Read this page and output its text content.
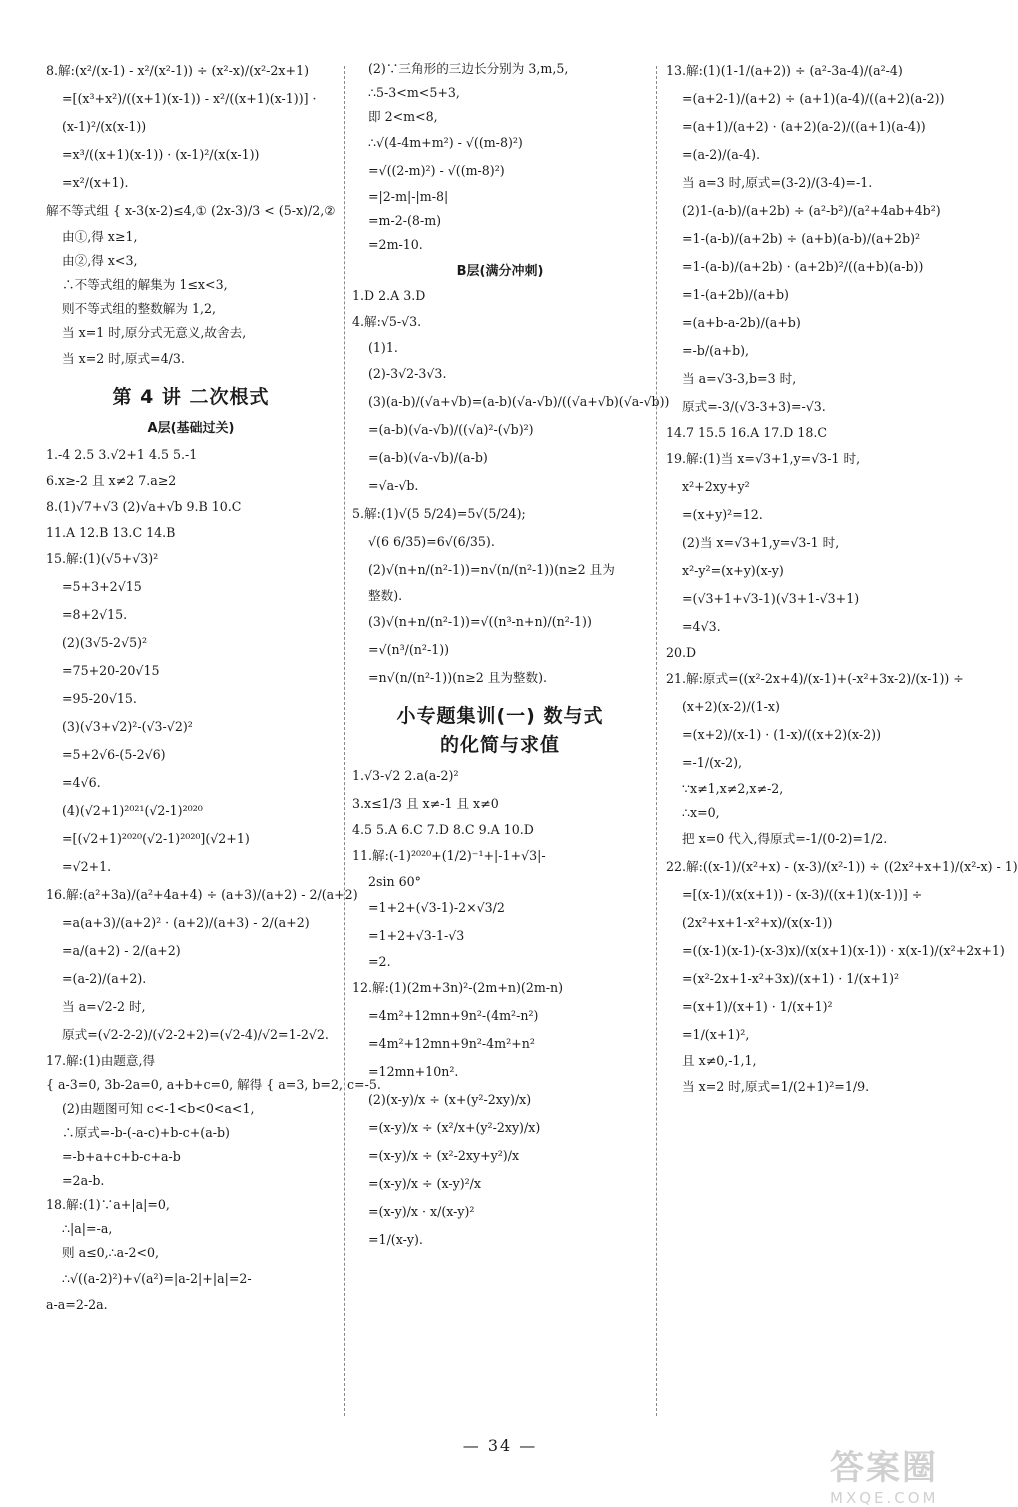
8.解:(x²/(x-1) - x²/(x²-1)) ÷ (x²-x)/(x²-2x+1)
=[(x³+x²)/((x+1)(x-1)) - x²/((x+1)(x-1))] ·
(x-1)²/(x(x-1))
=x³/((x+1)(x-1)) · (x-1)²/(x(x-1))
=x²/(x+1).
解不等式组 { x-3(x-2)≤4,① (2x-3)/3 < (5-x)/2,②
由①,得 x≥1,
由②,得 x<3,
∴不等式组的解集为 1≤x<3,
则不等式组的整数解为 1,2,
当 x=1 时,原分式无意义,故舍去,
当 x=2 时,原式=4/3.
第 4 讲 二次根式
A层(基础过关)
1.-4 2.5 3.√2+1 4.5 5.-1
6.x≥-2 且 x≠2 7.a≥2
8.(1)√7+√3 (2)√a+√b 9.B 10.C
11.A 12.B 13.C 14.B
15.解:(1)(√5+√3)²
=5+3+2√15
=8+2√15.
(2)(3√5-2√5)²
=75+20-20√15
=95-20√15.
(3)(√3+√2)²-(√3-√2)²
=5+2√6-(5-2√6)
=4√6.
(4)(√2+1)²⁰²¹(√2-1)²⁰²⁰
=[(√2+1)²⁰²⁰(√2-1)²⁰²⁰](√2+1)
=√2+1.
16.解:(a²+3a)/(a²+4a+4) ÷ (a+3)/(a+2) - 2/(a+2)
=a(a+3)/(a+2)² · (a+2)/(a+3) - 2/(a+2)
=a/(a+2) - 2/(a+2)
=(a-2)/(a+2).
当 a=√2-2 时,
原式=(√2-2-2)/(√2-2+2)=(√2-4)/√2=1-2√2.
17.解:(1)由题意,得
{ a-3=0, 3b-2a=0, a+b+c=0, 解得 { a=3, b=2, c=-5.
(2)由题图可知 c<-1<b<0<a<1,
∴原式=-b-(-a-c)+b-c+(a-b)
=-b+a+c+b-c+a-b
=2a-b.
18.解:(1)∵a+|a|=0,
∴|a|=-a,
则 a≤0,∴a-2<0,
∴√((a-2)²)+√(a²)=|a-2|+|a|=2-
a-a=2-2a.
(2)∵三角形的三边长分别为 3,m,5,
∴5-3<m<5+3,
即 2<m<8,
∴√(4-4m+m²) - √((m-8)²)
=√((2-m)²) - √((m-8)²)
=|2-m|-|m-8|
=m-2-(8-m)
=2m-10.
B层(满分冲刺)
1.D 2.A 3.D
4.解:√5-√3.
(1)1.
(2)-3√2-3√3.
(3)(a-b)/(√a+√b)=(a-b)(√a-√b)/((√a+√b)(√a-√b))
=(a-b)(√a-√b)/((√a)²-(√b)²)
=(a-b)(√a-√b)/(a-b)
=√a-√b.
5.解:(1)√(5 5/24)=5√(5/24);
√(6 6/35)=6√(6/35).
(2)√(n+n/(n²-1))=n√(n/(n²-1))(n≥2 且为
整数).
(3)√(n+n/(n²-1))=√((n³-n+n)/(n²-1))
=√(n³/(n²-1))
=n√(n/(n²-1))(n≥2 且为整数).
小专题集训(一) 数与式
的化简与求值
1.√3-√2 2.a(a-2)²
3.x≤1/3 且 x≠-1 且 x≠0
4.5 5.A 6.C 7.D 8.C 9.A 10.D
11.解:(-1)²⁰²⁰+(1/2)⁻¹+|-1+√3|-
2sin 60°
=1+2+(√3-1)-2×√3/2
=1+2+√3-1-√3
=2.
12.解:(1)(2m+3n)²-(2m+n)(2m-n)
=4m²+12mn+9n²-(4m²-n²)
=4m²+12mn+9n²-4m²+n²
=12mn+10n².
(2)(x-y)/x ÷ (x+(y²-2xy)/x)
=(x-y)/x ÷ (x²/x+(y²-2xy)/x)
=(x-y)/x ÷ (x²-2xy+y²)/x
=(x-y)/x ÷ (x-y)²/x
=(x-y)/x · x/(x-y)²
=1/(x-y).
13.解:(1)(1-1/(a+2)) ÷ (a²-3a-4)/(a²-4)
=(a+2-1)/(a+2) ÷ (a+1)(a-4)/((a+2)(a-2))
=(a+1)/(a+2) · (a+2)(a-2)/((a+1)(a-4))
=(a-2)/(a-4).
当 a=3 时,原式=(3-2)/(3-4)=-1.
(2)1-(a-b)/(a+2b) ÷ (a²-b²)/(a²+4ab+4b²)
=1-(a-b)/(a+2b) ÷ (a+b)(a-b)/(a+2b)²
=1-(a-b)/(a+2b) · (a+2b)²/((a+b)(a-b))
=1-(a+2b)/(a+b)
=(a+b-a-2b)/(a+b)
=-b/(a+b),
当 a=√3-3,b=3 时,
原式=-3/(√3-3+3)=-√3.
14.7 15.5 16.A 17.D 18.C
19.解:(1)当 x=√3+1,y=√3-1 时,
x²+2xy+y²
=(x+y)²=12.
(2)当 x=√3+1,y=√3-1 时,
x²-y²=(x+y)(x-y)
=(√3+1+√3-1)(√3+1-√3+1)
=4√3.
20.D
21.解:原式=((x²-2x+4)/(x-1)+(-x²+3x-2)/(x-1)) ÷
(x+2)(x-2)/(1-x)
=(x+2)/(x-1) · (1-x)/((x+2)(x-2))
=-1/(x-2),
∵x≠1,x≠2,x≠-2,
∴x=0,
把 x=0 代入,得原式=-1/(0-2)=1/2.
22.解:((x-1)/(x²+x) - (x-3)/(x²-1)) ÷ ((2x²+x+1)/(x²-x) - 1)
=[(x-1)/(x(x+1)) - (x-3)/((x+1)(x-1))] ÷
(2x²+x+1-x²+x)/(x(x-1))
=((x-1)(x-1)-(x-3)x)/(x(x+1)(x-1)) · x(x-1)/(x²+2x+1)
=(x²-2x+1-x²+3x)/(x+1) · 1/(x+1)²
=(x+1)/(x+1) · 1/(x+1)²
=1/(x+1)²,
且 x≠0,-1,1,
当 x=2 时,原式=1/(2+1)²=1/9.
— 34 —
答案圈
MXQE.COM
